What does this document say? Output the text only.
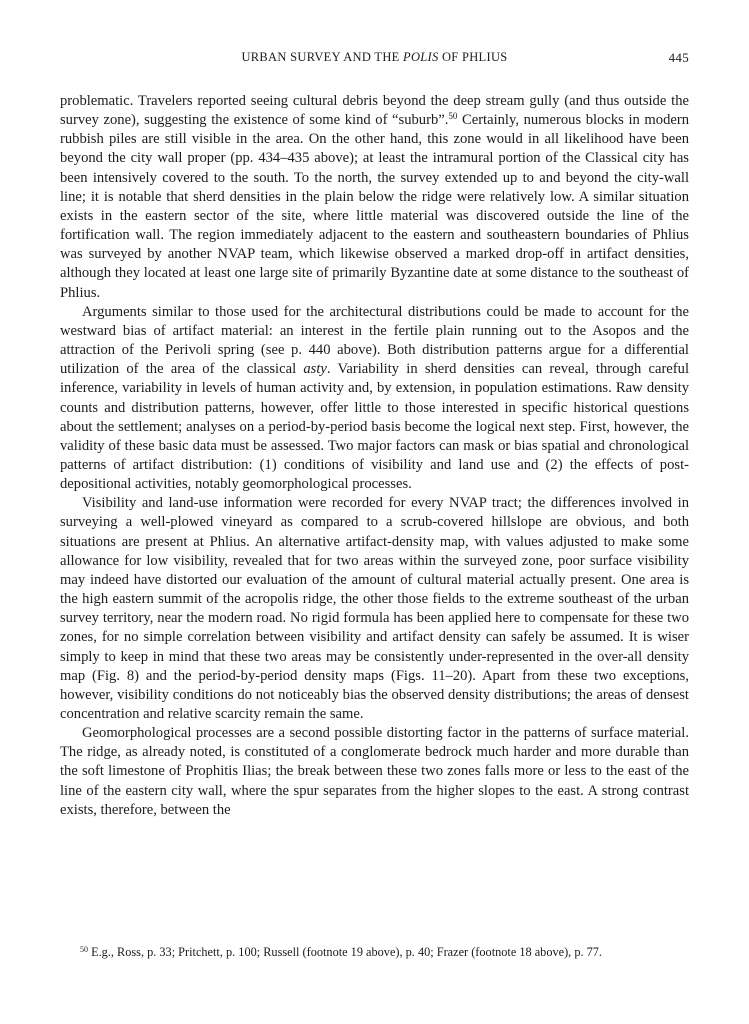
URBAN SURVEY AND THE POLIS OF PHLIUS	445

problematic. Travelers reported seeing cultural debris beyond the deep stream gully (and thus outside the survey zone), suggesting the existence of some kind of “suburb”.$^{50}$ Certainly, numerous blocks in modern rubbish piles are still visible in the area. On the other hand, this zone would in all likelihood have been beyond the city wall proper (pp. 434–435 above); at least the intramural portion of the Classical city has been intensively covered to the south. To the north, the survey extended up to and beyond the city-wall line; it is notable that sherd densities in the plain below the ridge were relatively low. A similar situation exists in the eastern sector of the site, where little material was discovered outside the line of the fortification wall. The region immediately adjacent to the eastern and southeastern boundaries of Phlius was surveyed by another NVAP team, which likewise observed a marked drop-off in artifact densities, although they located at least one large site of primarily Byzantine date at some distance to the southeast of Phlius.

Arguments similar to those used for the architectural distributions could be made to account for the westward bias of artifact material: an interest in the fertile plain running out to the Asopos and the attraction of the Perivoli spring (see p. 440 above). Both distribution patterns argue for a differential utilization of the area of the classical asty. Variability in sherd densities can reveal, through careful inference, variability in levels of human activity and, by extension, in population estimations. Raw density counts and distribution patterns, however, offer little to those interested in specific historical questions about the settlement; analyses on a period-by-period basis become the logical next step. First, however, the validity of these basic data must be assessed. Two major factors can mask or bias spatial and chronological patterns of artifact distribution: (1) conditions of visibility and land use and (2) the effects of post-depositional activities, notably geomorphological processes.

Visibility and land-use information were recorded for every NVAP tract; the differences involved in surveying a well-plowed vineyard as compared to a scrub-covered hillslope are obvious, and both situations are present at Phlius. An alternative artifact-density map, with values adjusted to make some allowance for low visibility, revealed that for two areas within the surveyed zone, poor surface visibility may indeed have distorted our evaluation of the amount of cultural material actually present. One area is the high eastern summit of the acropolis ridge, the other those fields to the extreme southeast of the urban survey territory, near the modern road. No rigid formula has been applied here to compensate for these two zones, for no simple correlation between visibility and artifact density can safely be assumed. It is wiser simply to keep in mind that these two areas may be consistently under-represented in the over-all density map (Fig. 8) and the period-by-period density maps (Figs. 11–20). Apart from these two exceptions, however, visibility conditions do not noticeably bias the observed density distributions; the areas of densest concentration and relative scarcity remain the same.

Geomorphological processes are a second possible distorting factor in the patterns of surface material. The ridge, as already noted, is constituted of a conglomerate bedrock much harder and more durable than the soft limestone of Prophitis Ilias; the break between these two zones falls more or less to the east of the line of the eastern city wall, where the spur separates from the higher slopes to the east. A strong contrast exists, therefore, between the

$^{50}$ E.g., Ross, p. 33; Pritchett, p. 100; Russell (footnote 19 above), p. 40; Frazer (footnote 18 above), p. 77.
